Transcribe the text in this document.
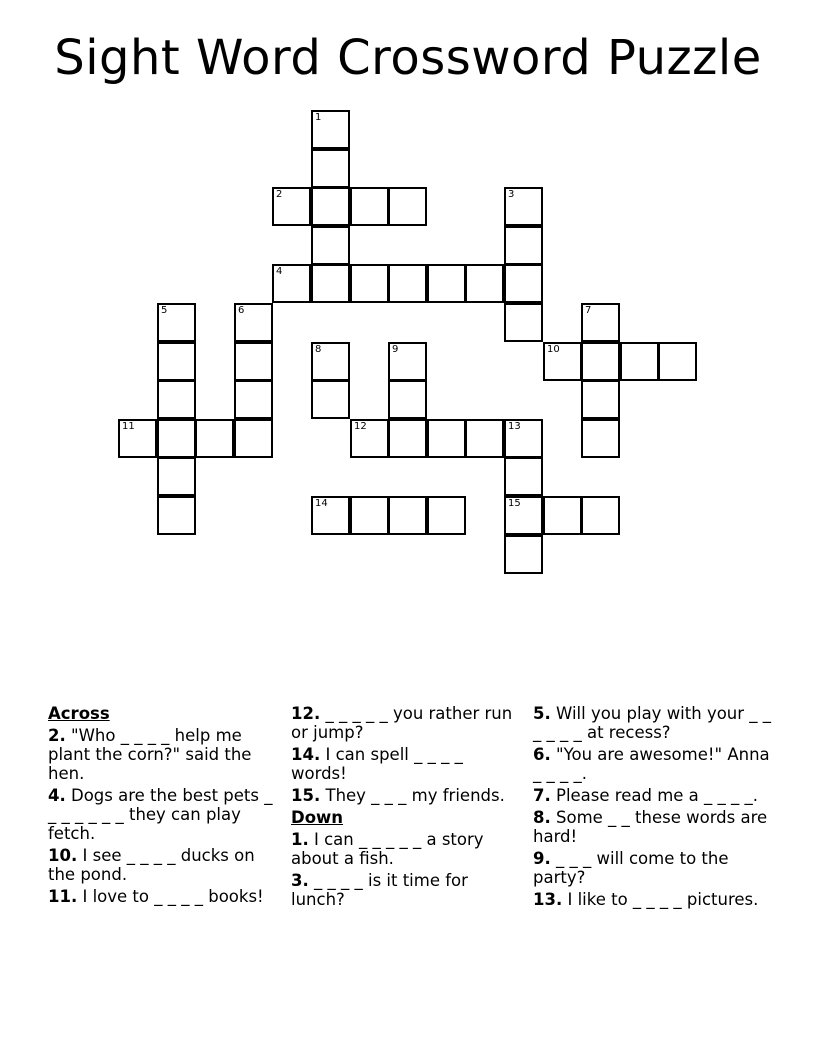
Sight Word Crossword Puzzle
1
2	3
4
5	6	7
8	9	10
11	12	13
15
14
Across
2. "Who _ _ _ _ help me plant the corn?" said the hen.
4. Dogs are the best pets _ _ _ _ _ _ _ they can play fetch.
10. I see _ _ _ _ ducks on the pond.
11. I love to _ _ _ _ books!
12. _ _ _ _ _ you rather run or jump?
14. I can spell _ _ _ _ words!
15. They _ _ _ my friends.
Down
1. I can _ _ _ _ _ a story about a fish.
3. _ _ _ _ is it time for lunch?
5. Will you play with your _ _ _ _ _ _ at recess?
6. "You are awesome!" Anna _ _ _ _.
7. Please read me a _ _ _ _.
8. Some _ _ these words are hard!
9. _ _ _ will come to the party?
13. I like to _ _ _ _ pictures.
